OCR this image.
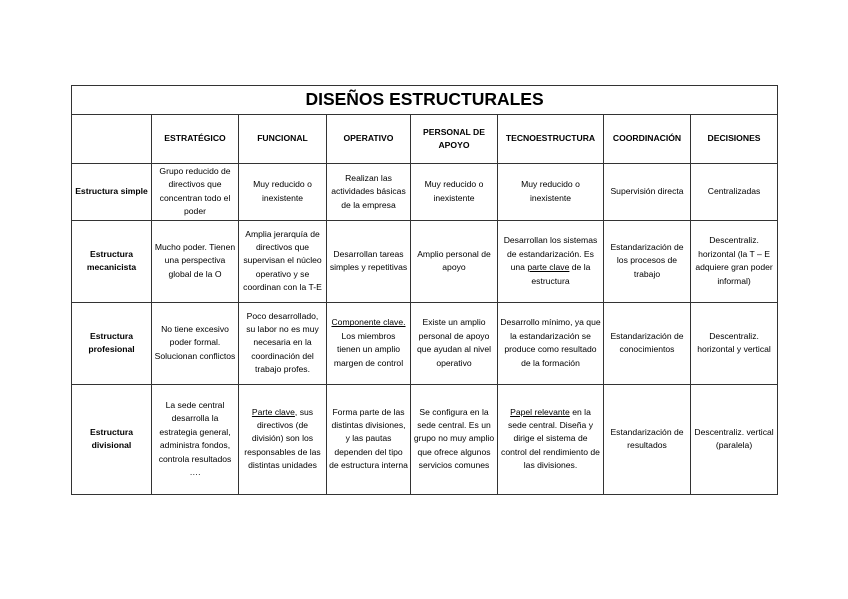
DISEÑOS ESTRUCTURALES							
	ESTRATÉGICO	FUNCIONAL	OPERATIVO	PERSONAL DE APOYO	TECNOESTRUCTURA	COORDINACIÓN	DECISIONES
Estructura simple	Grupo reducido de directivos que concentran todo el poder	Muy reducido o inexistente	Realizan las actividades básicas de la empresa	Muy reducido o inexistente	Muy reducido o inexistente	Supervisión directa	Centralizadas
Estructura mecanicista	Mucho poder. Tienen una perspectiva global de la O	Amplia jerarquía de directivos que supervisan el núcleo operativo y se coordinan con la T-E	Desarrollan tareas simples y repetitivas	Amplio personal de apoyo	Desarrollan los sistemas de estandarización. Es una parte clave de la estructura	Estandarización de los procesos de trabajo	Descentraliz. horizontal (la T – E adquiere gran poder informal)
Estructura profesional	No tiene excesivo poder formal. Solucionan conflictos	Poco desarrollado, su labor no es muy necesaria en la coordinación del trabajo profes.	Componente clave. Los miembros tienen un amplio margen de control	Existe un amplio personal de apoyo que ayudan al nivel operativo	Desarrollo mínimo, ya que la estandarización se produce como resultado de la formación	Estandarización de conocimientos	Descentraliz. horizontal y vertical
Estructura divisional	La sede central desarrolla la estrategia general, administra fondos, controla resultados ….	Parte clave, sus directivos (de división) son los responsables de las distintas unidades	Forma parte de las distintas divisiones, y las pautas dependen del tipo de estructura interna	Se configura en la sede central. Es un grupo no muy amplio que ofrece algunos servicios comunes	Papel relevante en la sede central. Diseña y dirige el sistema de control del rendimiento de las divisiones.	Estandarización de resultados	Descentraliz. vertical (paralela)
